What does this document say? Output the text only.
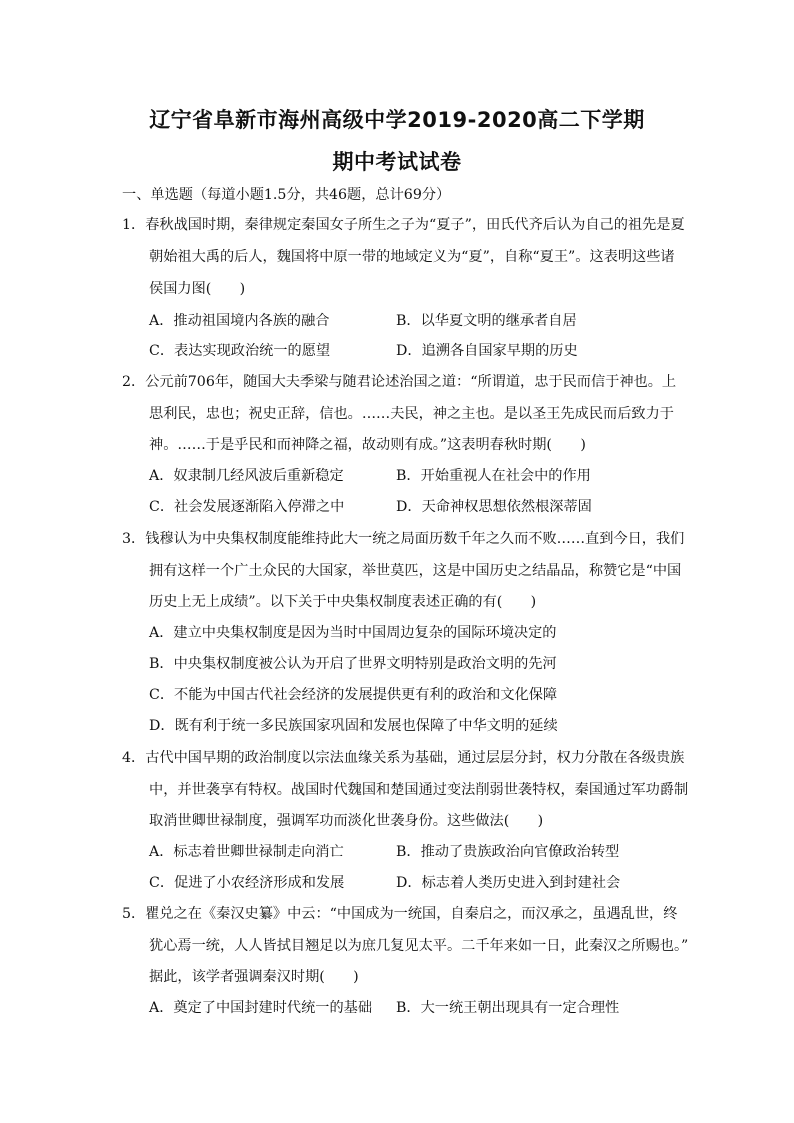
辽宁省阜新市海州高级中学2019-2020高二下学期
期中考试试卷
一、单选题（每道小题1.5分，共46题，总计69分）
1．春秋战国时期，秦律规定秦国女子所生之子为“夏子”，田氏代齐后认为自己的祖先是夏
朝始祖大禹的后人，魏国将中原一带的地域定义为“夏”，自称“夏王”。这表明这些诸
侯国力图(　　)
A．推动祖国境内各族的融合	B．以华夏文明的继承者自居
C．表达实现政治统一的愿望	D．追溯各自国家早期的历史
2．公元前706年，随国大夫季梁与随君论述治国之道：“所谓道，忠于民而信于神也。上
思利民，忠也；祝史正辞，信也。……夫民，神之主也。是以圣王先成民而后致力于
神。……于是乎民和而神降之福，故动则有成。”这表明春秋时期(　　)
A．奴隶制几经风波后重新稳定	B．开始重视人在社会中的作用
C．社会发展逐渐陷入停滞之中	D．天命神权思想依然根深蒂固
3．钱穆认为中央集权制度能维持此大一统之局面历数千年之久而不败……直到今日，我们
拥有这样一个广土众民的大国家，举世莫匹，这是中国历史之结晶品，称赞它是“中国
历史上无上成绩”。以下关于中央集权制度表述正确的有(　　)
A．建立中央集权制度是因为当时中国周边复杂的国际环境决定的
B．中央集权制度被公认为开启了世界文明特别是政治文明的先河
C．不能为中国古代社会经济的发展提供更有利的政治和文化保障
D．既有利于统一多民族国家巩固和发展也保障了中华文明的延续
4．古代中国早期的政治制度以宗法血缘关系为基础，通过层层分封，权力分散在各级贵族
中，并世袭享有特权。战国时代魏国和楚国通过变法削弱世袭特权，秦国通过军功爵制
取消世卿世禄制度，强调军功而淡化世袭身份。这些做法(　　)
A．标志着世卿世禄制走向消亡	B．推动了贵族政治向官僚政治转型
C．促进了小农经济形成和发展	D．标志着人类历史进入到封建社会
5．瞿兑之在《秦汉史纂》中云：“中国成为一统国，自秦启之，而汉承之，虽遇乱世，终
犹心焉一统，人人皆拭目翘足以为庶几复见太平。二千年来如一日，此秦汉之所赐也。”
据此，该学者强调秦汉时期(　　)
A．奠定了中国封建时代统一的基础 B．大一统王朝出现具有一定合理性
